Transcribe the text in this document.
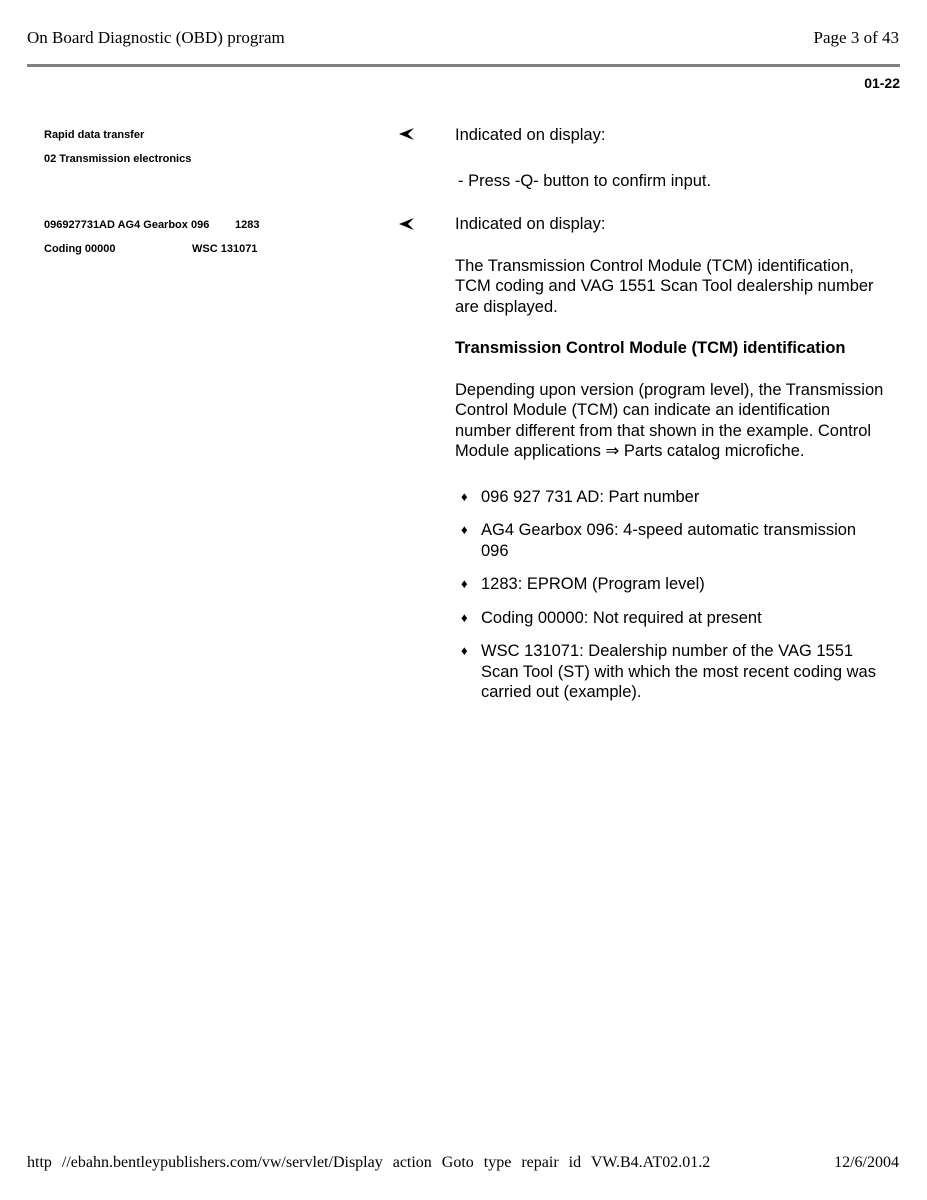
On Board Diagnostic (OBD) program	Page 3 of 43
01-22
Rapid data transfer
02 Transmission electronics
096927731AD AG4 Gearbox 096 1283
Coding 00000	WSC 131071

Indicated on display:

- Press -Q- button to confirm input.

Indicated on display:

The Transmission Control Module (TCM) identification, TCM coding and VAG 1551 Scan Tool dealership number are displayed.

Transmission Control Module (TCM) identification

Depending upon version (program level), the Transmission Control Module (TCM) can indicate an identification number different from that shown in the example. Control Module applications ⇒ Parts catalog microfiche.

♦ 096 927 731 AD: Part number
♦ AG4 Gearbox 096: 4-speed automatic transmission 096
♦ 1283: EPROM (Program level)
♦ Coding 00000: Not required at present
♦ WSC 131071: Dealership number of the VAG 1551 Scan Tool (ST) with which the most recent coding was carried out (example).
http //ebahn.bentleypublishers.com/vw/servlet/Display action Goto type repair id VW.B4.AT02.01.2	12/6/2004
